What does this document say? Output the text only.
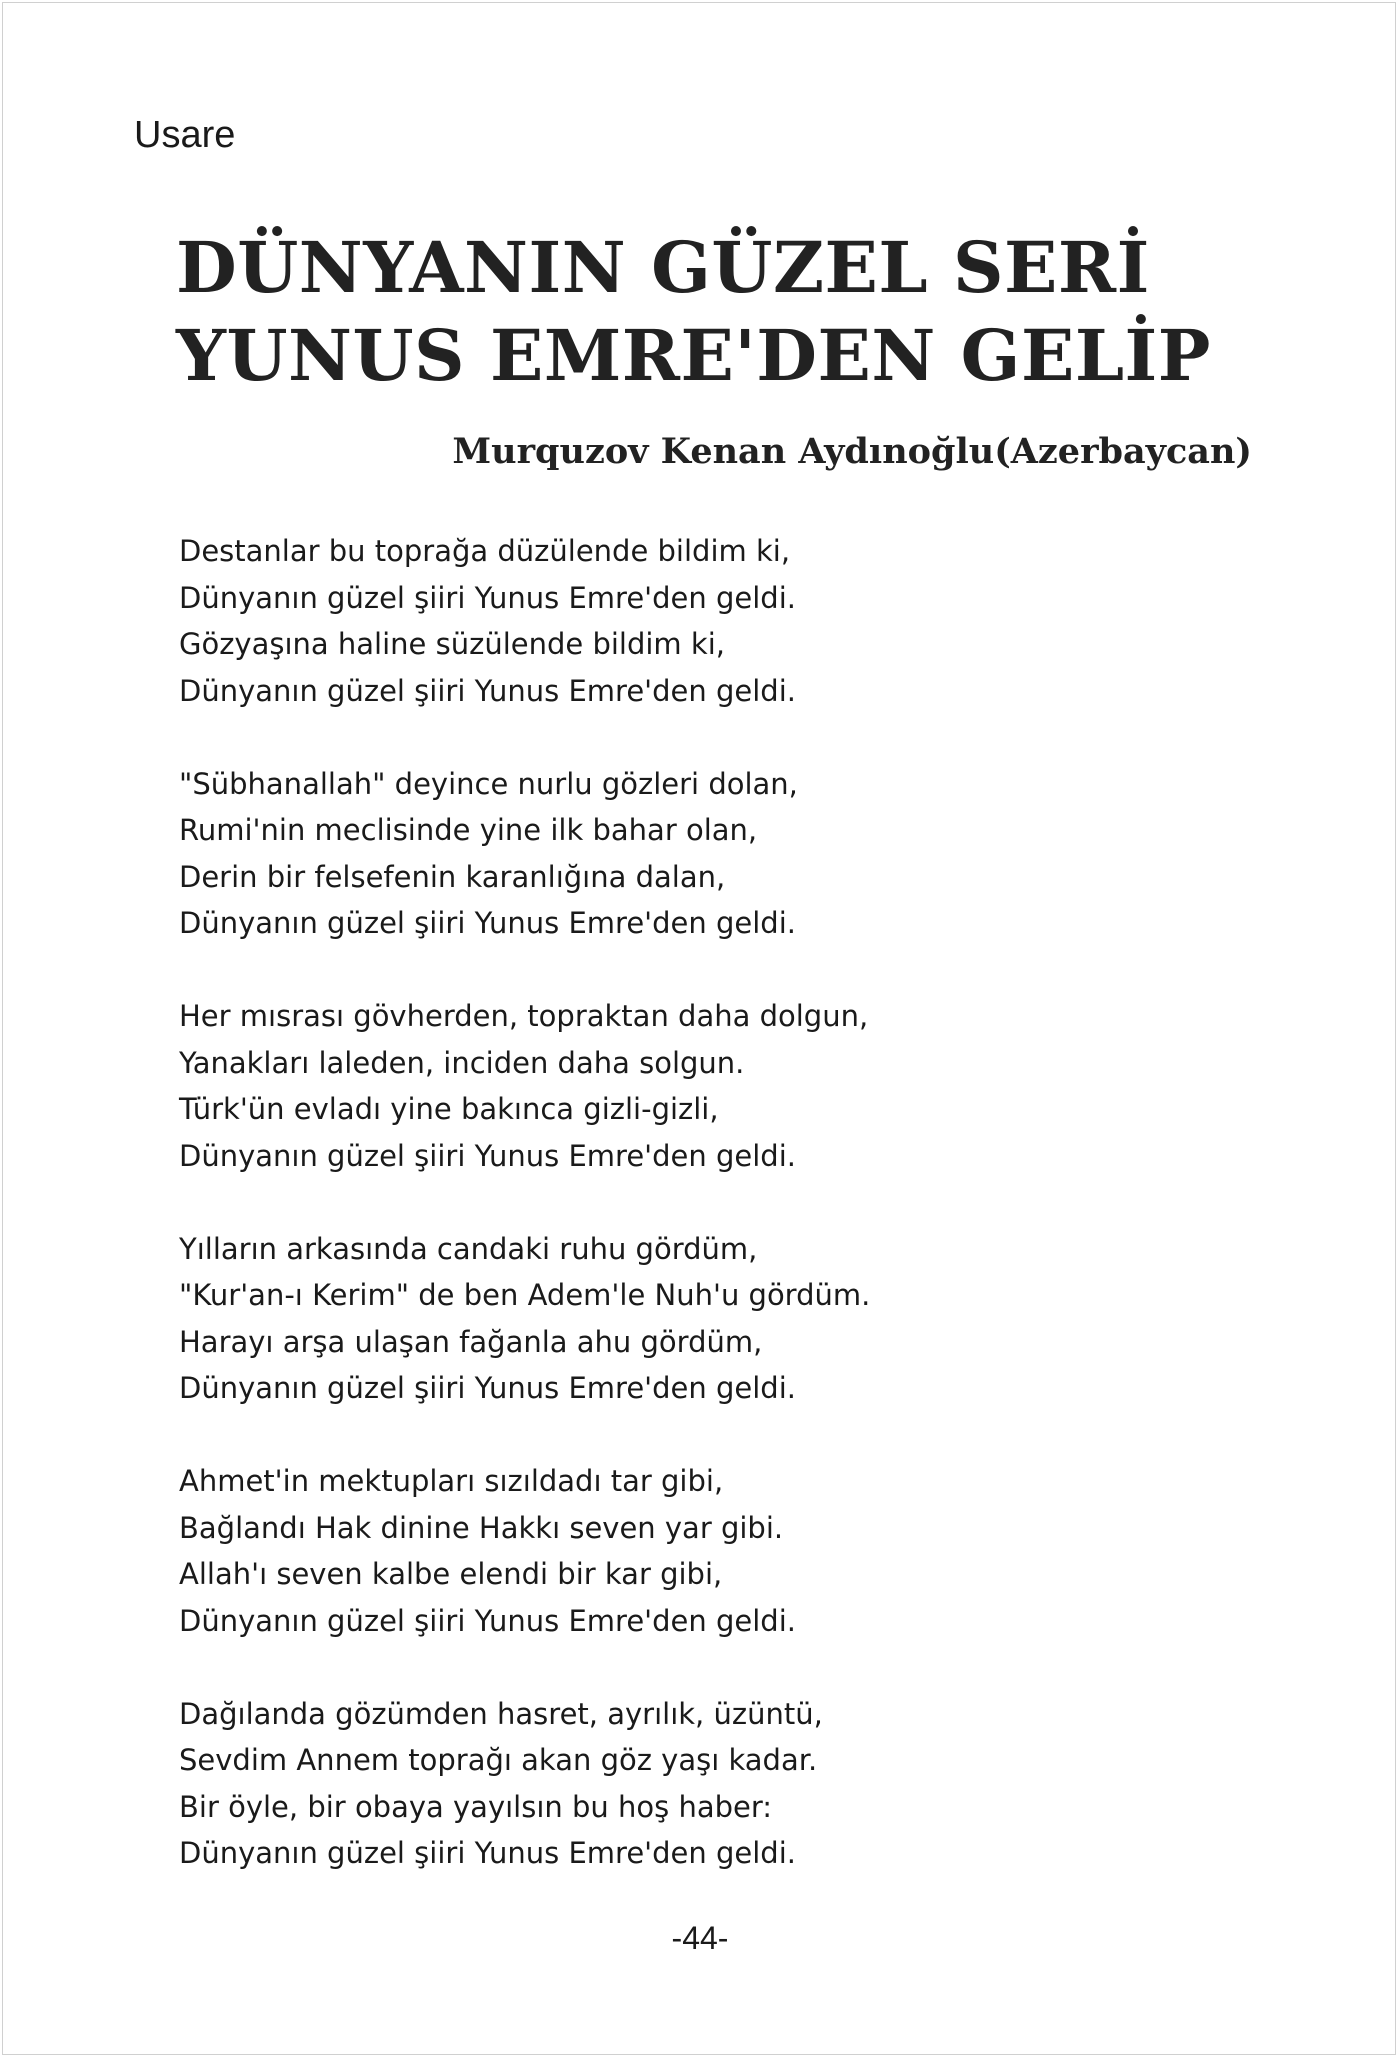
Usare
DÜNYANIN GÜZEL SERİ
YUNUS EMRE'DEN GELİP
Murquzov Kenan Aydınoğlu(Azerbaycan)
Destanlar bu toprağa düzülende bildim ki,
Dünyanın güzel şiiri Yunus Emre'den geldi.
Gözyaşına haline süzülende bildim ki,
Dünyanın güzel şiiri Yunus Emre'den geldi.
"Sübhanallah" deyince nurlu gözleri dolan,
Rumi'nin meclisinde yine ilk bahar olan,
Derin bir felsefenin karanlığına dalan,
Dünyanın güzel şiiri Yunus Emre'den geldi.
Her mısrası gövherden, topraktan daha dolgun,
Yanakları laleden, inciden daha solgun.
Türk'ün evladı yine bakınca gizli-gizli,
Dünyanın güzel şiiri Yunus Emre'den geldi.
Yılların arkasında candaki ruhu gördüm,
"Kur'an-ı Kerim" de ben Adem'le Nuh'u gördüm.
Harayı arşa ulaşan fağanla ahu gördüm,
Dünyanın güzel şiiri Yunus Emre'den geldi.
Ahmet'in mektupları sızıldadı tar gibi,
Bağlandı Hak dinine Hakkı seven yar gibi.
Allah'ı seven kalbe elendi bir kar gibi,
Dünyanın güzel şiiri Yunus Emre'den geldi.
Dağılanda gözümden hasret, ayrılık, üzüntü,
Sevdim Annem toprağı akan göz yaşı kadar.
Bir öyle, bir obaya yayılsın bu hoş haber:
Dünyanın güzel şiiri Yunus Emre'den geldi.
-44-
